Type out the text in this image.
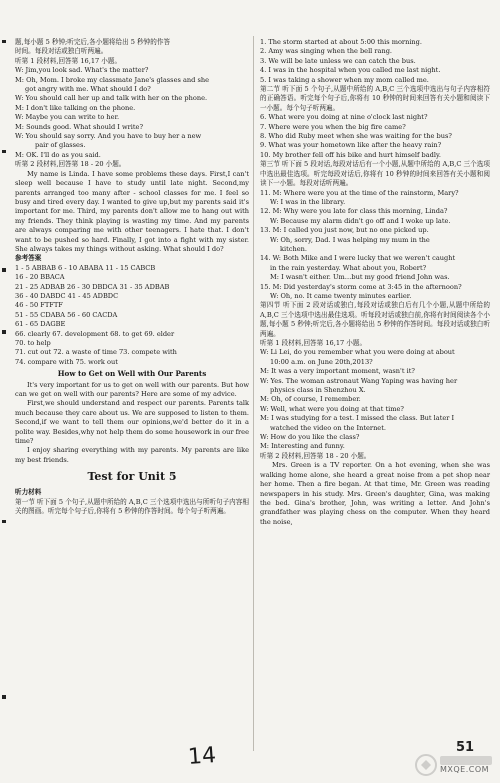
题,每小题 5 秒钟;听完后,各小题将给出 5 秒钟的作答
时间。每段对话或独白听两遍。
听第 1 段材料,回答第 16,17 小题。
W: Jim,you look sad. What's the matter?
M: Oh, Mom. I broke my classmate Jane's glasses and she
got angry with me. What should I do?
W: You should call her up and talk with her on the phone.
M: I don't like talking on the phone.
W: Maybe you can write to her.
M: Sounds good. What should I write?
W: You should say sorry. And you have to buy her a new
pair of glasses.
M: OK. I'll do as you said.
听第 2 段材料,回答第 18 - 20 小题。
My name is Linda. I have some problems these days. First,I can't sleep well because I have to study until late night. Second,my parents arranged too many after - school classes for me. I feel so busy and tired every day. I wanted to give up,but my parents said it's important for me. Third, my parents don't allow me to hang out with my friends. They think playing is wasting my time. And my parents are always comparing me with other teenagers. I hate that. I don't want to be pushed so hard. Finally, I got into a fight with my sister. She always takes my things without asking. What should I do?
参考答案
1 - 5 ABBAB 6 - 10 ABABA 11 - 15 CABCB
16 - 20 BBACA
21 - 25 ADBAB 26 - 30 DBDCA 31 - 35 ADBAB
36 - 40 DABDC 41 - 45 ADBDC
46 - 50 FTFTF
51 - 55 CDABA 56 - 60 CACDA
61 - 65 DAGBE
66. clearly 67. development 68. to get 69. elder
70. to help
71. cut out 72. a waste of time 73. compete with
74. compare with 75. work out
How to Get on Well with Our Parents
It's very important for us to get on well with our parents. But how can we get on well with our parents? Here are some of my advice.
First,we should understand and respect our parents. Parents talk much because they care about us. We are supposed to listen to them. Second,if we want to tell them our opinions,we'd better do it in a polite way. Besides,why not help them do some housework in our free time?
I enjoy sharing everything with my parents. My parents are like my best friends.
Test for Unit 5
听力材料
第一节 听下面 5 个句子,从题中所给的 A,B,C 三个选项中选出与所听句子内容相关的图画。听完每个句子后,你将有 5 秒钟的作答时间。每个句子听两遍。
1. The storm started at about 5:00 this morning.
2. Amy was singing when the bell rang.
3. We will be late unless we can catch the bus.
4. I was in the hospital when you called me last night.
5. I was taking a shower when my mom called me.
第二节 听下面 5 个句子,从题中所给的 A,B,C 三个选项中选出与句子内容相符的正确答语。听完每个句子后,你将有 10 秒钟的时间来回答有关小题和阅读下一小题。每个句子听两遍。
6. What were you doing at nine o'clock last night?
7. Where were you when the big fire came?
8. Who did Ruby meet when she was waiting for the bus?
9. What was your hometown like after the heavy rain?
10. My brother fell off his bike and hurt himself badly.
第三节 听下面 5 段对话,每段对话后有一个小题,从题中所给的 A,B,C 三个选项中选出最佳选项。听完每段对话后,你将有 10 秒钟的时间来回答有关小题和阅读下一小题。每段对话听两遍。
11. M: Where were you at the time of the rainstorm, Mary?
W: I was in the library.
12. M: Why were you late for class this morning, Linda?
W: Because my alarm didn't go off and I woke up late.
13. M: I called you just now, but no one picked up.
W: Oh, sorry, Dad. I was helping my mum in the
kitchen.
14. W: Both Mike and I were lucky that we weren't caught
in the rain yesterday. What about you, Robert?
M: I wasn't either. Um…but my good friend John was.
15. M: Did yesterday's storm come at 3:45 in the afternoon?
W: Oh, no. It came twenty minutes earlier.
第四节 听下面 2 段对话或独白,每段对话或独白后有几个小题,从题中所给的 A,B,C 三个选项中选出最佳选项。听每段对话或独白前,你将有时间阅读各个小题,每小题 5 秒钟;听完后,各小题将给出 5 秒钟的作答时间。每段对话或独白听两遍。
听第 1 段材料,回答第 16,17 小题。
W: Li Lei, do you remember what you were doing at about
10:00 a.m. on June 20th,2013?
M: It was a very important moment, wasn't it?
W: Yes. The woman astronaut Wang Yaping was having her
physics class in Shenzhou X.
M: Oh, of course, I remember.
W: Well, what were you doing at that time?
M: I was studying for a test. I missed the class. But later I
watched the video on the Internet.
W: How do you like the class?
M: Interesting and funny.
听第 2 段材料,回答第 18 - 20 小题。
Mrs. Green is a TV reporter. On a hot evening, when she was walking home alone, she heard a great noise from a pet shop near her home. Then a fire began. At that time, Mr. Green was reading newspapers in his study. Mrs. Green's daughter, Gina, was making the bed. Gina's brother, John, was writing a letter. And John's grandfather was playing chess on the computer. When they heard the noise,
14	51
MXQE.COM
